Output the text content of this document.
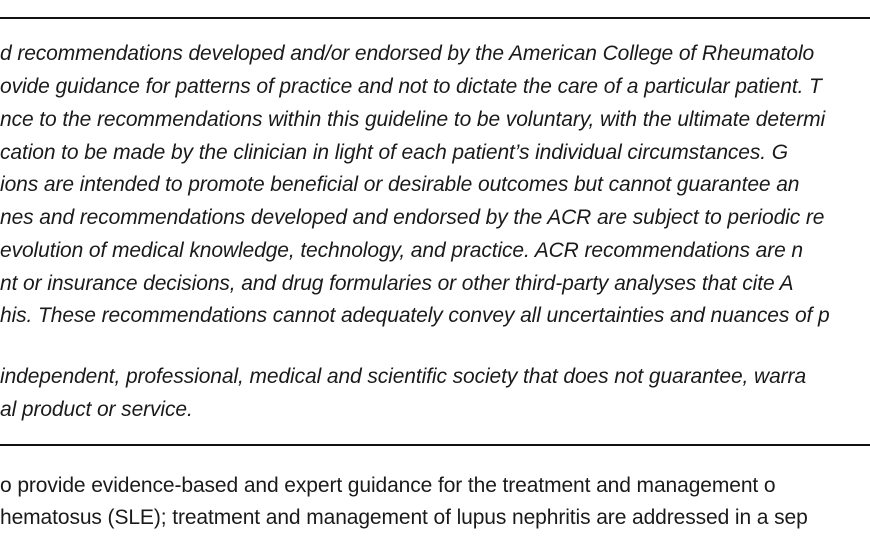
d recommendations developed and/or endorsed by the American College of Rheumatolo
ovide guidance for patterns of practice and not to dictate the care of a particular patient. T
nce to the recommendations within this guideline to be voluntary, with the ultimate determi
cation to be made by the clinician in light of each patient’s individual circumstances. G
ions are intended to promote beneficial or desirable outcomes but cannot guarantee an
nes and recommendations developed and endorsed by the ACR are subject to periodic re
evolution of medical knowledge, technology, and practice. ACR recommendations are n
nt or insurance decisions, and drug formularies or other third-party analyses that cite A
his. These recommendations cannot adequately convey all uncertainties and nuances of p
independent, professional, medical and scientific society that does not guarantee, warra
al product or service.
o provide evidence-based and expert guidance for the treatment and management o
hematosus (SLE); treatment and management of lupus nephritis are addressed in a sep
